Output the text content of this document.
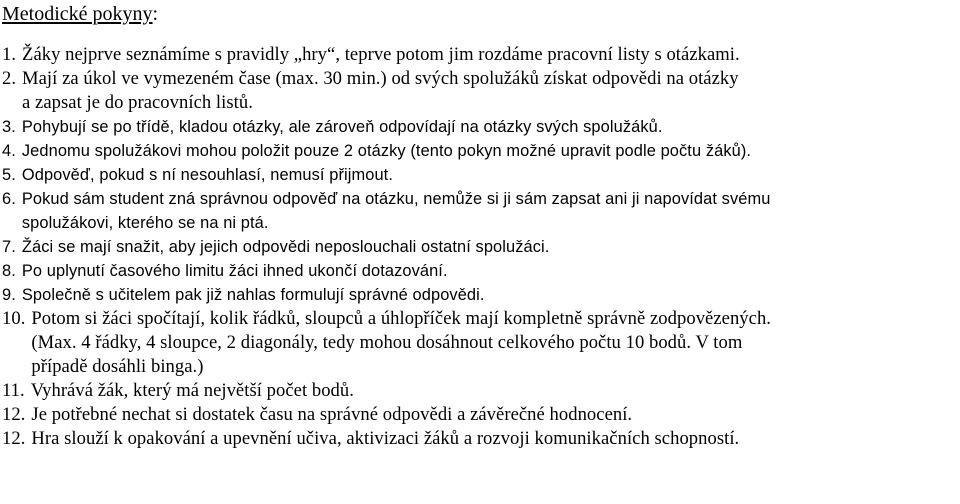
Metodické pokyny:
1. Žáky nejprve seznámíme s pravidly „hry“, teprve potom jim rozdáme pracovní listy s otázkami.
2. Mají za úkol ve vymezeném čase (max. 30 min.) od svých spolužáků získat odpovědi na otázky
a zapsat je do pracovních listů.
3. Pohybují se po třídě, kladou otázky, ale zároveň odpovídají na otázky svých spolužáků.
4. Jednomu spolužákovi mohou položit pouze 2 otázky (tento pokyn možné upravit podle počtu žáků).
5. Odpověď, pokud s ní nesouhlasí, nemusí přijmout.
6. Pokud sám student zná správnou odpověď na otázku, nemůže si ji sám zapsat ani ji napovídat svému
spolužákovi, kterého se na ni ptá.
7. Žáci se mají snažit, aby jejich odpovědi neposlouchali ostatní spolužáci.
8. Po uplynutí časového limitu žáci ihned ukončí dotazování.
9. Společně s učitelem pak již nahlas formulují správné odpovědi.
10. Potom si žáci spočítají, kolik řádků, sloupců a úhlopříček mají kompletně správně zodpovězených.
(Max. 4 řádky, 4 sloupce, 2 diagonály, tedy mohou dosáhnout celkového počtu 10 bodů. V tom
případě dosáhli binga.)
11. Vyhrává žák, který má největší počet bodů.
12. Je potřebné nechat si dostatek času na správné odpovědi a závěrečné hodnocení.
12. Hra slouží k opakování a upevnění učiva, aktivizaci žáků a rozvoji komunikačních schopností.
